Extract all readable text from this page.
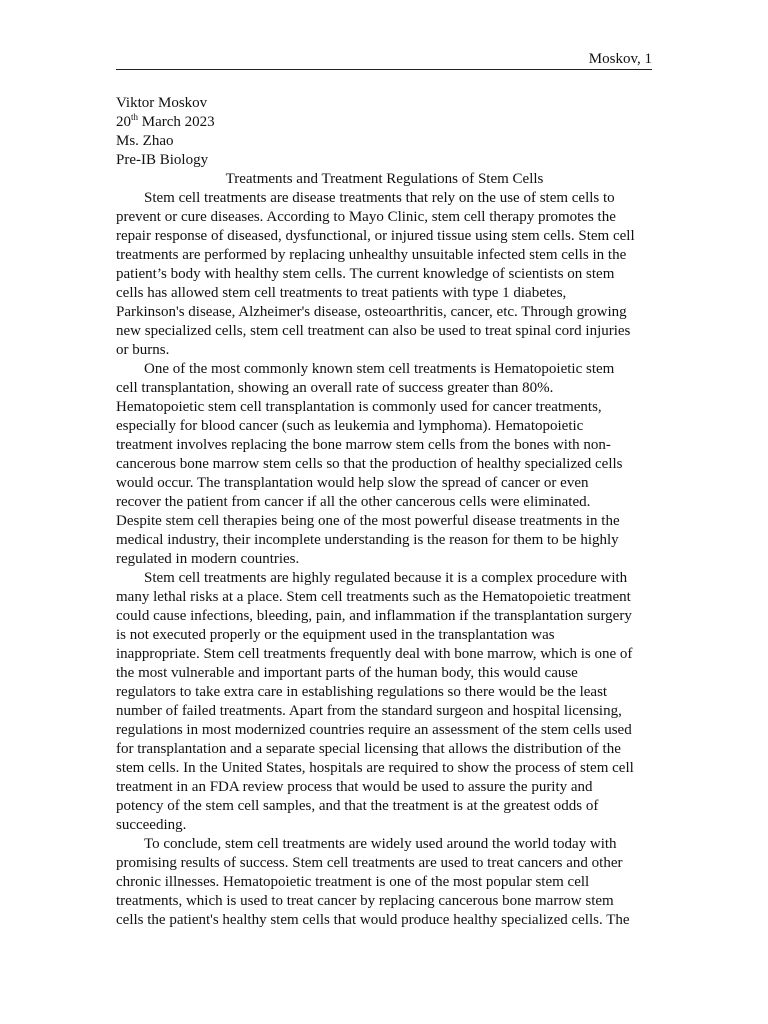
Moskov, 1
Viktor Moskov
20th March 2023
Ms. Zhao
Pre-IB Biology
Treatments and Treatment Regulations of Stem Cells
Stem cell treatments are disease treatments that rely on the use of stem cells to
prevent or cure diseases. According to Mayo Clinic, stem cell therapy promotes the
repair response of diseased, dysfunctional, or injured tissue using stem cells. Stem cell
treatments are performed by replacing unhealthy unsuitable infected stem cells in the
patient’s body with healthy stem cells. The current knowledge of scientists on stem
cells has allowed stem cell treatments to treat patients with type 1 diabetes,
Parkinson's disease, Alzheimer's disease, osteoarthritis, cancer, etc. Through growing
new specialized cells, stem cell treatment can also be used to treat spinal cord injuries
or burns.
One of the most commonly known stem cell treatments is Hematopoietic stem
cell transplantation, showing an overall rate of success greater than 80%.
Hematopoietic stem cell transplantation is commonly used for cancer treatments,
especially for blood cancer (such as leukemia and lymphoma). Hematopoietic
treatment involves replacing the bone marrow stem cells from the bones with non-
cancerous bone marrow stem cells so that the production of healthy specialized cells
would occur. The transplantation would help slow the spread of cancer or even
recover the patient from cancer if all the other cancerous cells were eliminated.
Despite stem cell therapies being one of the most powerful disease treatments in the
medical industry, their incomplete understanding is the reason for them to be highly
regulated in modern countries.
Stem cell treatments are highly regulated because it is a complex procedure with
many lethal risks at a place. Stem cell treatments such as the Hematopoietic treatment
could cause infections, bleeding, pain, and inflammation if the transplantation surgery
is not executed properly or the equipment used in the transplantation was
inappropriate. Stem cell treatments frequently deal with bone marrow, which is one of
the most vulnerable and important parts of the human body, this would cause
regulators to take extra care in establishing regulations so there would be the least
number of failed treatments. Apart from the standard surgeon and hospital licensing,
regulations in most modernized countries require an assessment of the stem cells used
for transplantation and a separate special licensing that allows the distribution of the
stem cells. In the United States, hospitals are required to show the process of stem cell
treatment in an FDA review process that would be used to assure the purity and
potency of the stem cell samples, and that the treatment is at the greatest odds of
succeeding.
To conclude, stem cell treatments are widely used around the world today with
promising results of success. Stem cell treatments are used to treat cancers and other
chronic illnesses. Hematopoietic treatment is one of the most popular stem cell
treatments, which is used to treat cancer by replacing cancerous bone marrow stem
cells the patient's healthy stem cells that would produce healthy specialized cells. The
